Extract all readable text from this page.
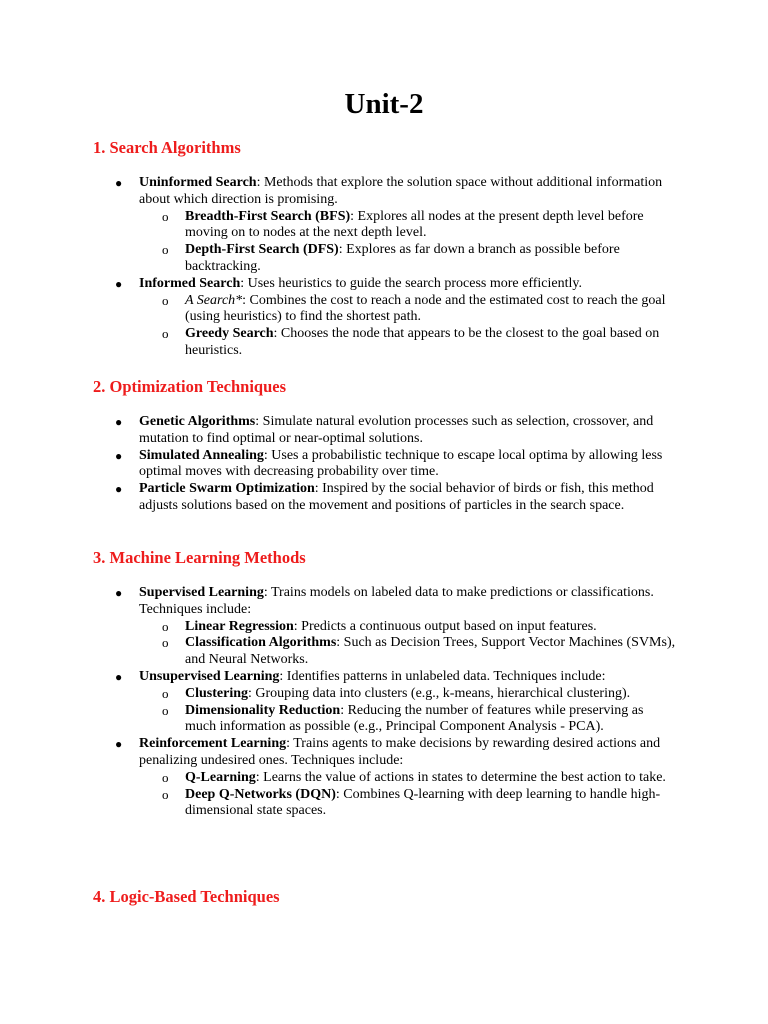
Unit-2
1. Search Algorithms
● Uninformed Search: Methods that explore the solution space without additional information about which direction is promising.
o Breadth-First Search (BFS): Explores all nodes at the present depth level before moving on to nodes at the next depth level.
o Depth-First Search (DFS): Explores as far down a branch as possible before backtracking.
● Informed Search: Uses heuristics to guide the search process more efficiently.
o A Search*: Combines the cost to reach a node and the estimated cost to reach the goal (using heuristics) to find the shortest path.
o Greedy Search: Chooses the node that appears to be the closest to the goal based on heuristics.
2. Optimization Techniques
● Genetic Algorithms: Simulate natural evolution processes such as selection, crossover, and mutation to find optimal or near-optimal solutions.
● Simulated Annealing: Uses a probabilistic technique to escape local optima by allowing less optimal moves with decreasing probability over time.
● Particle Swarm Optimization: Inspired by the social behavior of birds or fish, this method adjusts solutions based on the movement and positions of particles in the search space.
3. Machine Learning Methods
● Supervised Learning: Trains models on labeled data to make predictions or classifications. Techniques include:
o Linear Regression: Predicts a continuous output based on input features.
o Classification Algorithms: Such as Decision Trees, Support Vector Machines (SVMs), and Neural Networks.
● Unsupervised Learning: Identifies patterns in unlabeled data. Techniques include:
o Clustering: Grouping data into clusters (e.g., k-means, hierarchical clustering).
o Dimensionality Reduction: Reducing the number of features while preserving as much information as possible (e.g., Principal Component Analysis - PCA).
● Reinforcement Learning: Trains agents to make decisions by rewarding desired actions and penalizing undesired ones. Techniques include:
o Q-Learning: Learns the value of actions in states to determine the best action to take.
o Deep Q-Networks (DQN): Combines Q-learning with deep learning to handle high-dimensional state spaces.
4. Logic-Based Techniques
